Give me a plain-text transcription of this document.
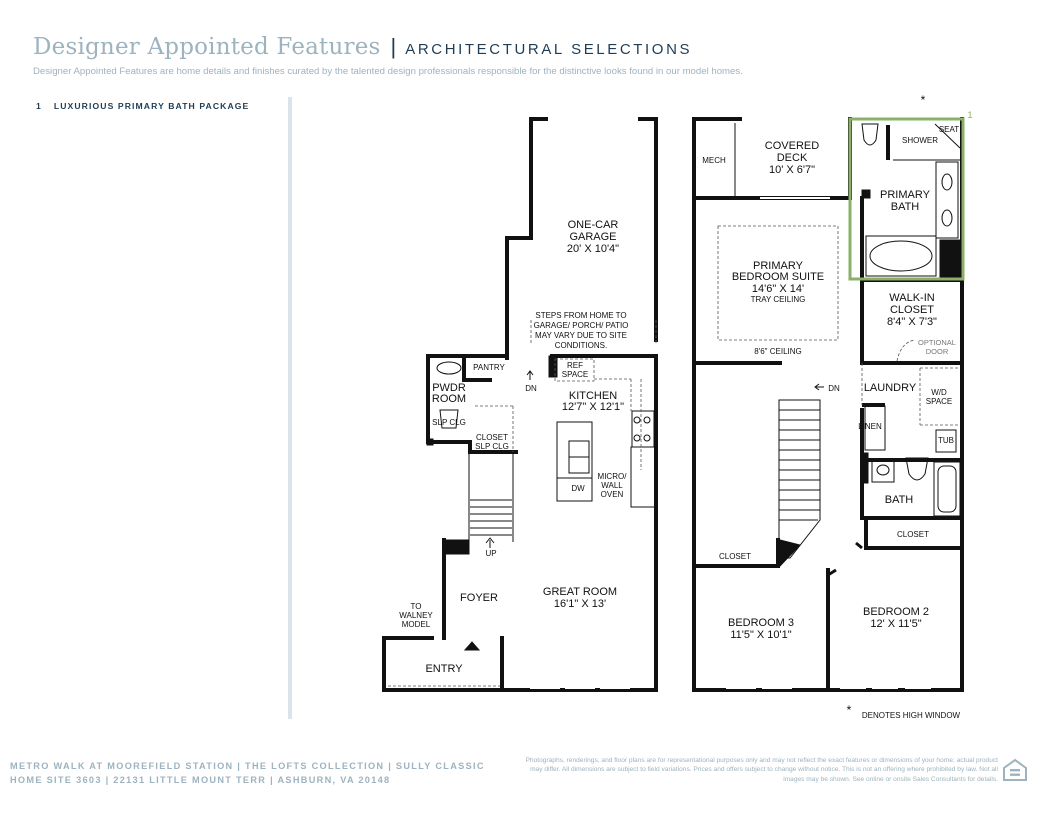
Designer Appointed Features | ARCHITECTURAL SELECTIONS
Designer Appointed Features are home details and finishes curated by the talented design professionals responsible for the distinctive looks found in our model homes.
1 LUXURIOUS PRIMARY BATH PACKAGE
ONE-CAR
GARAGE
20' X 10'4"
STEPS FROM HOME TO
GARAGE/ PORCH/ PATIO
MAY VARY DUE TO SITE
CONDITIONS.
PANTRY	REF
SPACE
DN
PWDR
ROOM
SLP CLG
CLOSET
SLP CLG
KITCHEN
12'7" X 12'1"
DW
MICRO/
WALL
OVEN
UP
FOYER	GREAT ROOM
16'1" X 13'
TO
WALNEY
MODEL
ENTRY
*
1
MECH
COVERED
DECK
10' X 6'7"
SEAT
SHOWER
PRIMARY
BATH
PRIMARY
BEDROOM SUITE
14'6" X 14'
TRAY CEILING
8'6" CEILING
WALK-IN
CLOSET
8'4" X 7'3"
OPTIONAL
DOOR
DN LAUNDRY W/D
SPACE
LINEN
TUB
BATH
CLOSET
CLOSET
BEDROOM 3
11'5" X 10'1"
BEDROOM 2
12' X 11'5"
* DENOTES HIGH WINDOW
METRO WALK AT MOOREFIELD STATION | THE LOFTS COLLECTION | SULLY CLASSIC
HOME SITE 3603 | 22131 LITTLE MOUNT TERR | ASHBURN, VA 20148
Photographs, renderings, and floor plans are for representational purposes only and may not reflect the exact features or dimensions of your home; actual product may differ. All dimensions are subject to field variations. Prices and offers subject to change without notice. This is not an offering where prohibited by law. Not all images may be shown. See online or onsite Sales Consultants for details.
